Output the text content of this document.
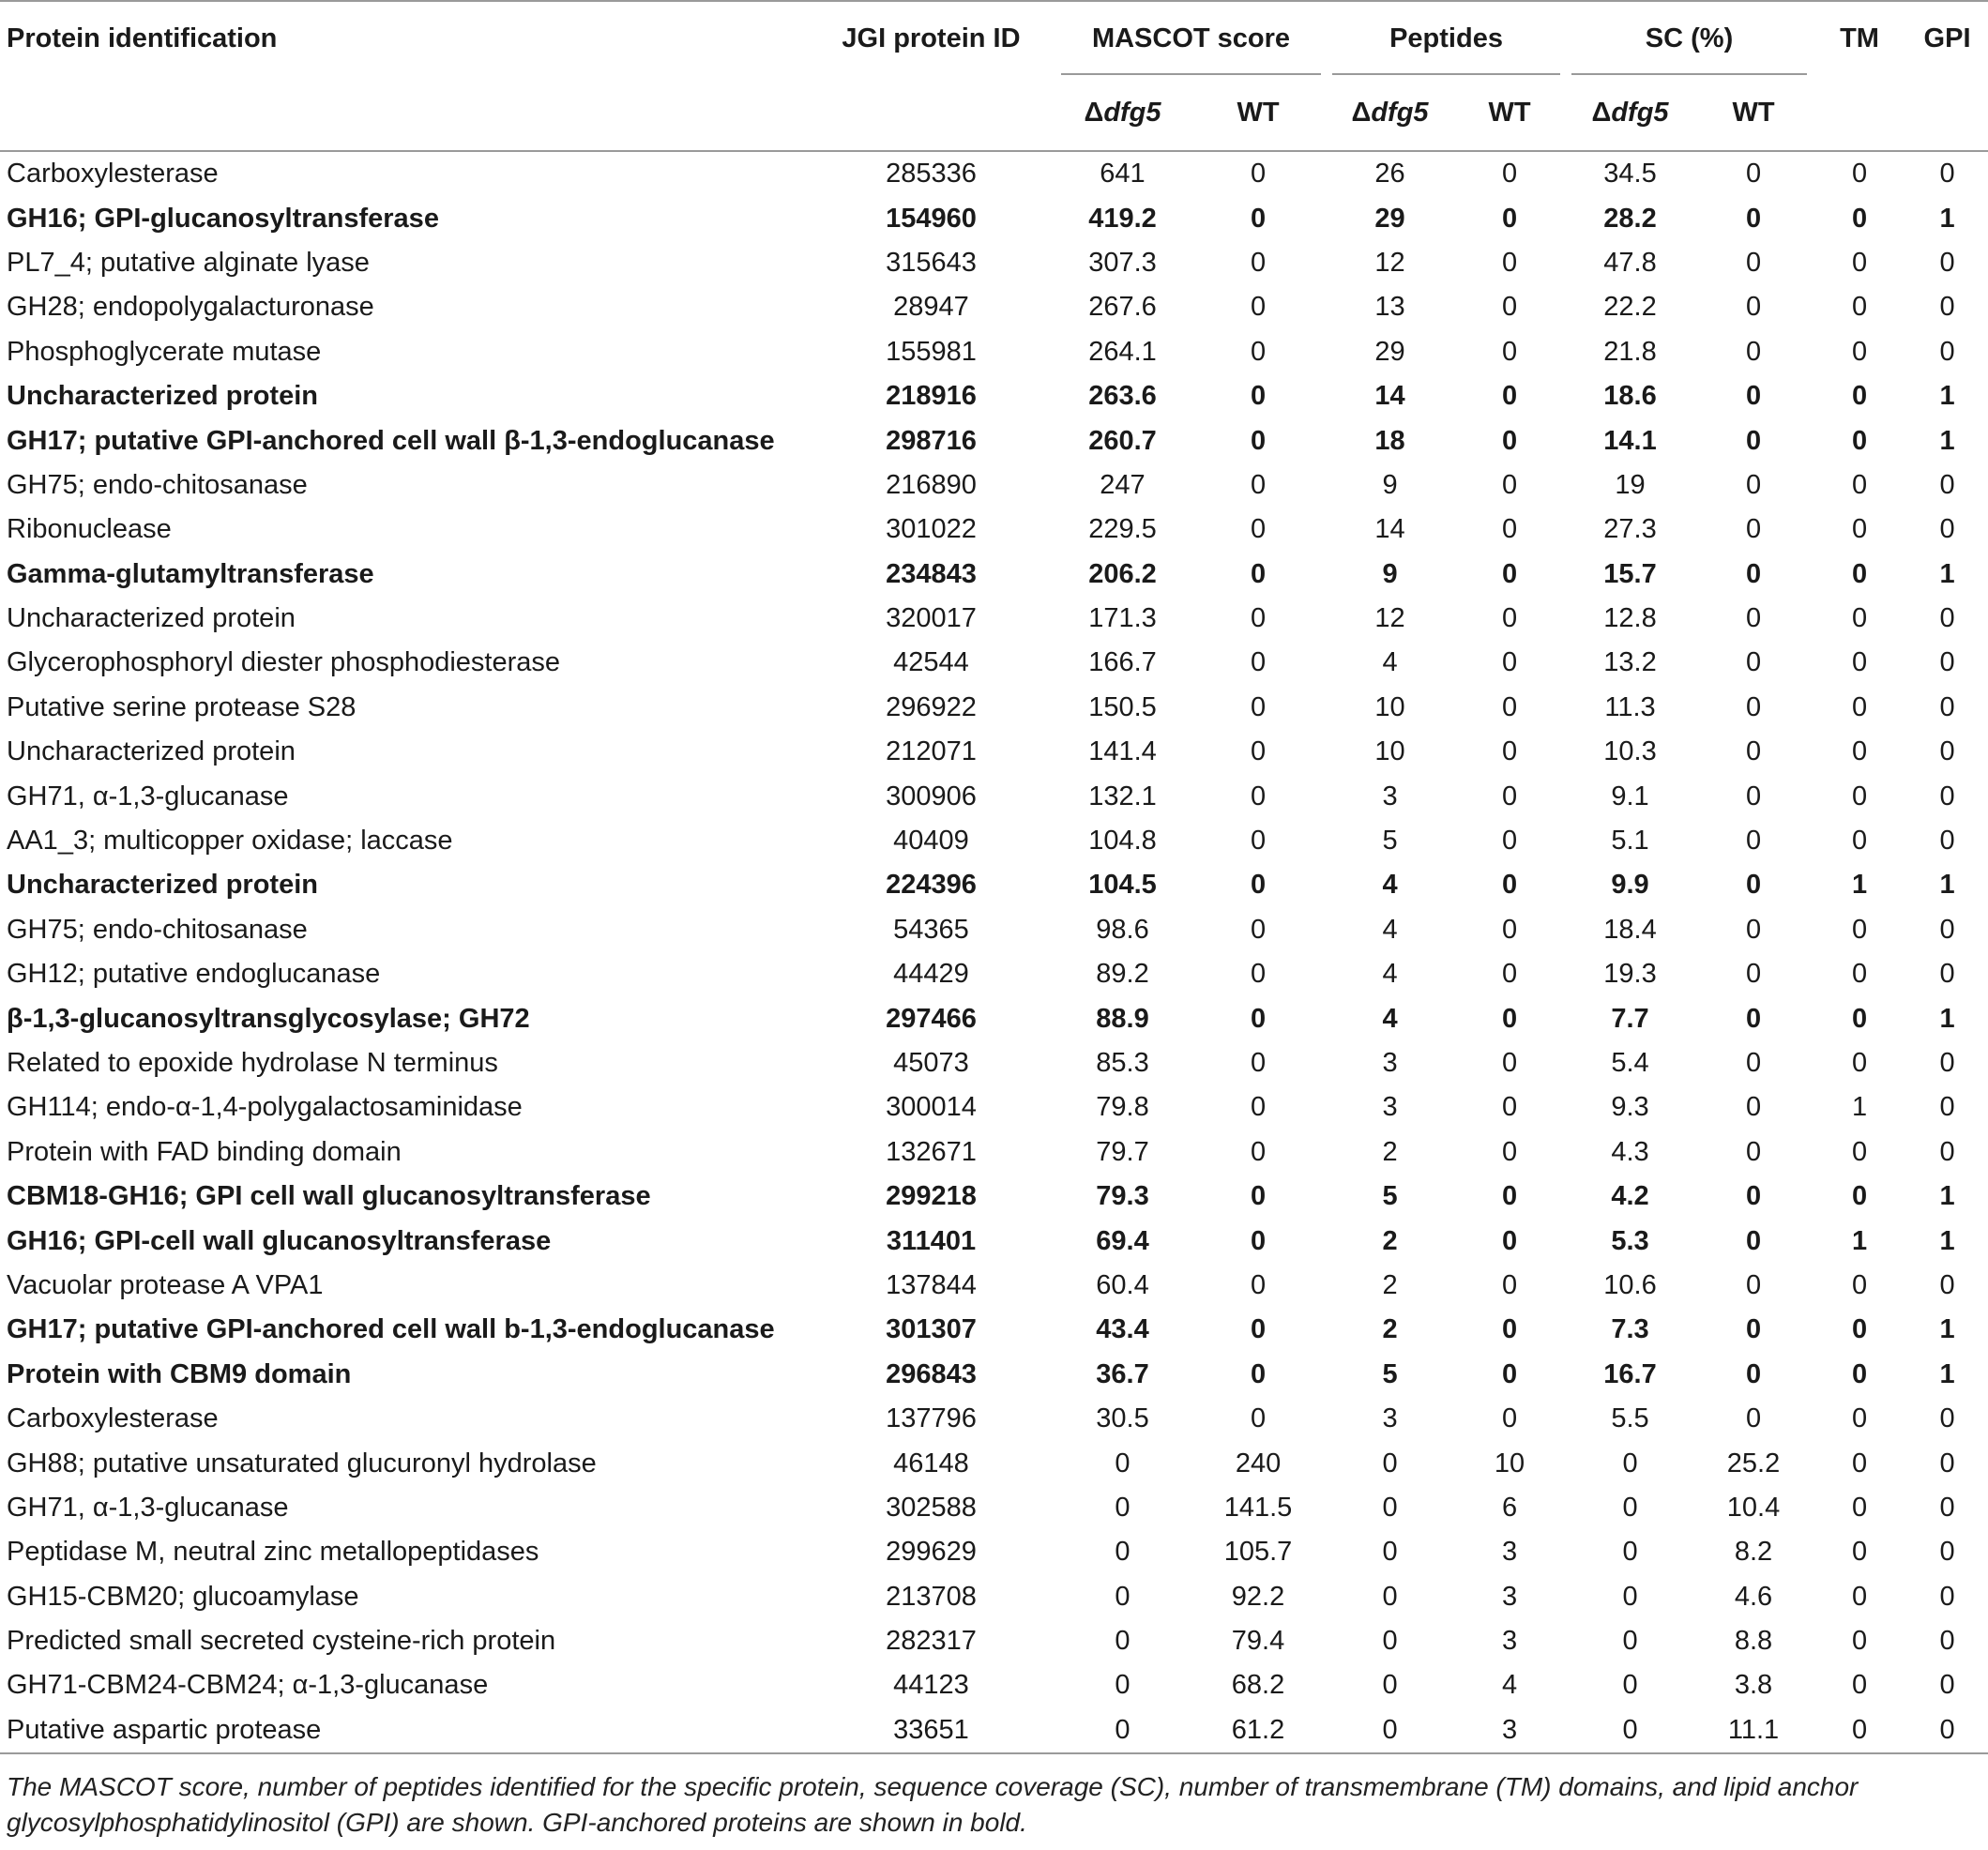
Protein identification	JGI protein ID	MASCOT score		Peptides		SC (%)		TM	GPI
		Δdfg5	WT	Δdfg5	WT	Δdfg5	WT		
Carboxylesterase	285336	641	0	26	0	34.5	0	0	0
GH16; GPI-glucanosyltransferase	154960	419.2	0	29	0	28.2	0	0	1
PL7_4; putative alginate lyase	315643	307.3	0	12	0	47.8	0	0	0
GH28; endopolygalacturonase	28947	267.6	0	13	0	22.2	0	0	0
Phosphoglycerate mutase	155981	264.1	0	29	0	21.8	0	0	0
Uncharacterized protein	218916	263.6	0	14	0	18.6	0	0	1
GH17; putative GPI-anchored cell wall β-1,3-endoglucanase	298716	260.7	0	18	0	14.1	0	0	1
GH75; endo-chitosanase	216890	247	0	9	0	19	0	0	0
Ribonuclease	301022	229.5	0	14	0	27.3	0	0	0
Gamma-glutamyltransferase	234843	206.2	0	9	0	15.7	0	0	1
Uncharacterized protein	320017	171.3	0	12	0	12.8	0	0	0
Glycerophosphoryl diester phosphodiesterase	42544	166.7	0	4	0	13.2	0	0	0
Putative serine protease S28	296922	150.5	0	10	0	11.3	0	0	0
Uncharacterized protein	212071	141.4	0	10	0	10.3	0	0	0
GH71, α-1,3-glucanase	300906	132.1	0	3	0	9.1	0	0	0
AA1_3; multicopper oxidase; laccase	40409	104.8	0	5	0	5.1	0	0	0
Uncharacterized protein	224396	104.5	0	4	0	9.9	0	1	1
GH75; endo-chitosanase	54365	98.6	0	4	0	18.4	0	0	0
GH12; putative endoglucanase	44429	89.2	0	4	0	19.3	0	0	0
β-1,3-glucanosyltransglycosylase; GH72	297466	88.9	0	4	0	7.7	0	0	1
Related to epoxide hydrolase N terminus	45073	85.3	0	3	0	5.4	0	0	0
GH114; endo-α-1,4-polygalactosaminidase	300014	79.8	0	3	0	9.3	0	1	0
Protein with FAD binding domain	132671	79.7	0	2	0	4.3	0	0	0
CBM18-GH16; GPI cell wall glucanosyltransferase	299218	79.3	0	5	0	4.2	0	0	1
GH16; GPI-cell wall glucanosyltransferase	311401	69.4	0	2	0	5.3	0	1	1
Vacuolar protease A VPA1	137844	60.4	0	2	0	10.6	0	0	0
GH17; putative GPI-anchored cell wall b-1,3-endoglucanase	301307	43.4	0	2	0	7.3	0	0	1
Protein with CBM9 domain	296843	36.7	0	5	0	16.7	0	0	1
Carboxylesterase	137796	30.5	0	3	0	5.5	0	0	0
GH88; putative unsaturated glucuronyl hydrolase	46148	0	240	0	10	0	25.2	0	0
GH71, α-1,3-glucanase	302588	0	141.5	0	6	0	10.4	0	0
Peptidase M, neutral zinc metallopeptidases	299629	0	105.7	0	3	0	8.2	0	0
GH15-CBM20; glucoamylase	213708	0	92.2	0	3	0	4.6	0	0
Predicted small secreted cysteine-rich protein	282317	0	79.4	0	3	0	8.8	0	0
GH71-CBM24-CBM24; α-1,3-glucanase	44123	0	68.2	0	4	0	3.8	0	0
Putative aspartic protease	33651	0	61.2	0	3	0	11.1	0	0
The MASCOT score, number of peptides identified for the specific protein, sequence coverage (SC), number of transmembrane (TM) domains, and lipid anchor glycosylphosphatidylinositol (GPI) are shown. GPI-anchored proteins are shown in bold.
